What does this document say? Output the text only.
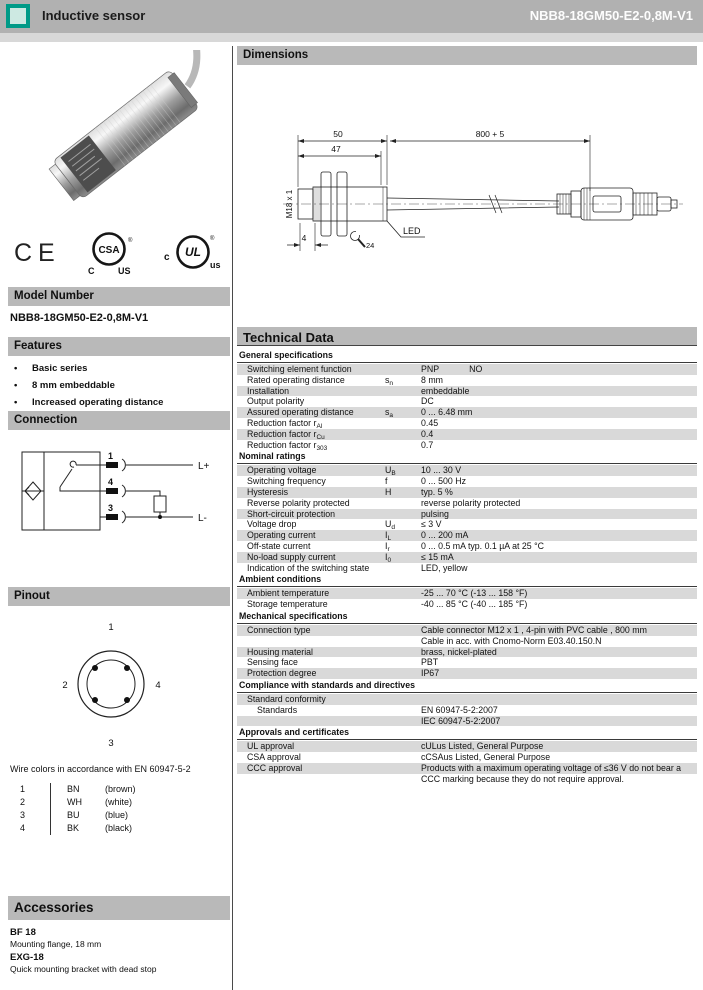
Inductive sensor	NBB8-18GM50-E2-0,8M-V1
CE	CSA
®
C	US
c UL
®
us
Model Number
NBB8-18GM50-E2-0,8M-V1
Features
•	Basic series
•	8 mm embeddable
•	Increased operating distance
Connection
1
4
3
L+
L-
Pinout
1
2	4
3
Wire colors in accordance with EN 60947-5-2
1	BN	(brown)
2	WH	(white)
3	BU	(blue)
4	BK	(black)
Accessories
BF 18
Mounting flange, 18 mm
EXG-18
Quick mounting bracket with dead stop
Dimensions
50
47
800 + 5
M18 x 1
4
24
LED
Technical Data
General specifications
Switching element function	PNP	NO
Rated operating distance	$s_n$	8 mm
Installation	embeddable
Output polarity	DC
Assured operating distance	$s_a$	0 ... 6.48 mm
Reduction factor $r_{Al}$	0.45
Reduction factor $r_{Cu}$	0.4
Reduction factor $r_{303}$	0.7
Nominal ratings
Operating voltage	$U_B$	10 ... 30 V
Switching frequency	f	0 ... 500 Hz
Hysteresis	H	typ. 5 %
Reverse polarity protected	reverse polarity protected
Short-circuit protection	pulsing
Voltage drop	$U_d$	≤ 3 V
Operating current	$I_L$	0 ... 200 mA
Off-state current	$I_r$	0 ... 0.5 mA typ. 0.1 µA at 25 °C
No-load supply current	$I_0$	≤ 15 mA
Indication of the switching state	LED, yellow
Ambient conditions
Ambient temperature	-25 ... 70 °C (-13 ... 158 °F)
Storage temperature	-40 ... 85 °C (-40 ... 185 °F)
Mechanical specifications
Connection type	Cable connector M12 x 1 , 4-pin with PVC cable , 800 mm
Cable in acc. with Cnomo-Norm E03.40.150.N
Housing material	brass, nickel-plated
Sensing face	PBT
Protection degree	IP67
Compliance with standards and directives
Standard conformity
Standards	EN 60947-5-2:2007
IEC 60947-5-2:2007
Approvals and certificates
UL approval	cULus Listed, General Purpose
CSA approval	cCSAus Listed, General Purpose
CCC approval	Products with a maximum operating voltage of ≤36 V do not bear a
CCC marking because they do not require approval.
